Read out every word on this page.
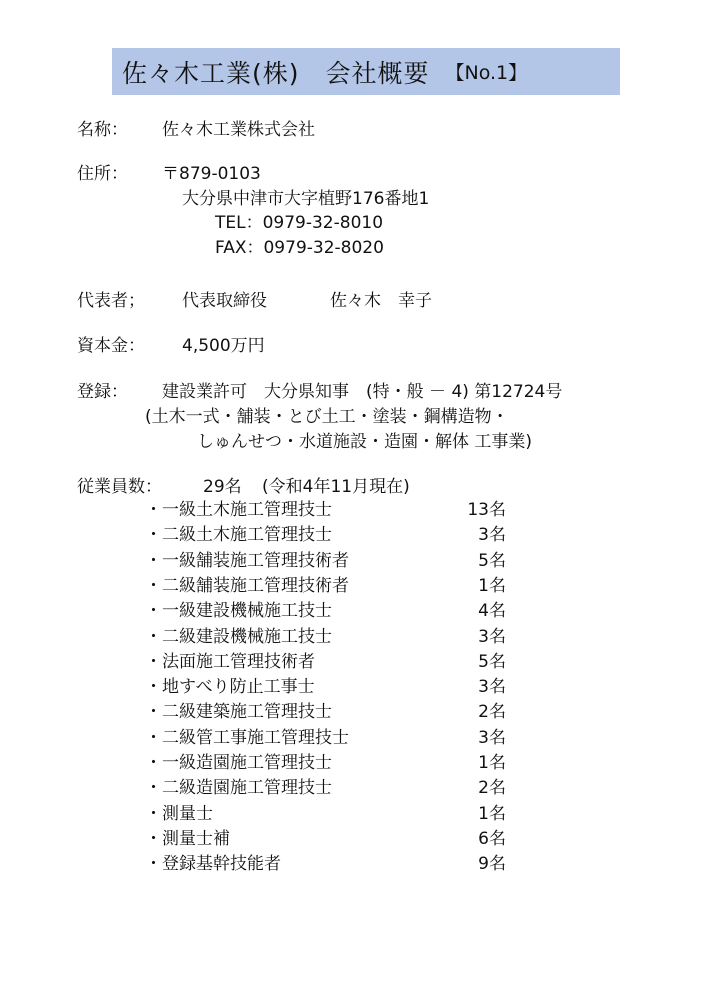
佐々木工業(株)　会社概要 【No.1】
名称： 佐々木工業株式会社
住所： 〒879-0103
大分県中津市大字植野176番地1
TEL：0979-32-8010
FAX：0979-32-8020
代表者； 代表取締役	佐々木　幸子
資本金： 4,500万円
登録： 建設業許可　大分県知事　(特・般 － 4) 第12724号
(土木一式・舗装・とび土工・塗装・鋼構造物・
しゅんせつ・水道施設・造園・解体 工事業)
従業員数： 29名 (令和4年11月現在)
・一級土木施工管理技士	13名
・二級土木施工管理技士	3名
・一級舗装施工管理技術者	5名
・二級舗装施工管理技術者	1名
・一級建設機械施工技士	4名
・二級建設機械施工技士	3名
・法面施工管理技術者	5名
・地すべり防止工事士	3名
・二級建築施工管理技士	2名
・二級管工事施工管理技士	3名
・一級造園施工管理技士	1名
・二級造園施工管理技士	2名
・測量士	1名
・測量士補	6名
・登録基幹技能者	9名
